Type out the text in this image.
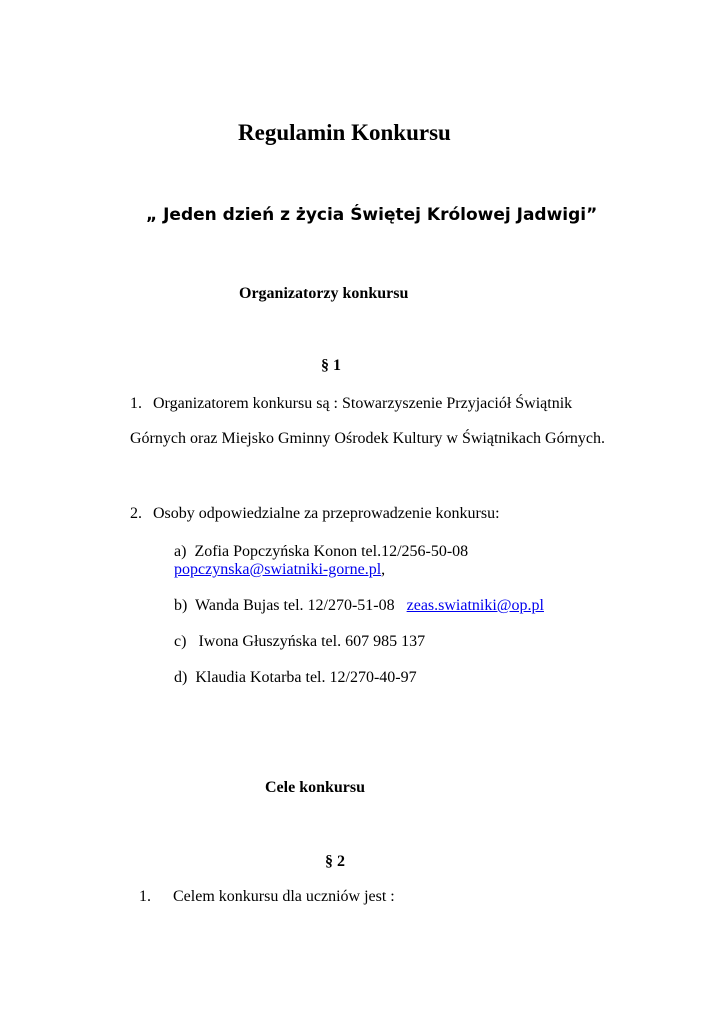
Regulamin Konkursu
„ Jeden dzień z życia Świętej Królowej Jadwigi”
Organizatorzy konkursu
§ 1
1. Organizatorem konkursu są : Stowarzyszenie Przyjaciół Świątnik
Górnych oraz Miejsko Gminny Ośrodek Kultury w Świątnikach Górnych.
2. Osoby odpowiedzialne za przeprowadzenie konkursu:
a) Zofia Popczyńska Konon tel.12/256-50-08
popczynska@swiatniki-gorne.pl,
b) Wanda Bujas tel. 12/270-51-08 zeas.swiatniki@op.pl
c) Iwona Głuszyńska tel. 607 985 137
d) Klaudia Kotarba tel. 12/270-40-97
Cele konkursu
§ 2
1. Celem konkursu dla uczniów jest :
